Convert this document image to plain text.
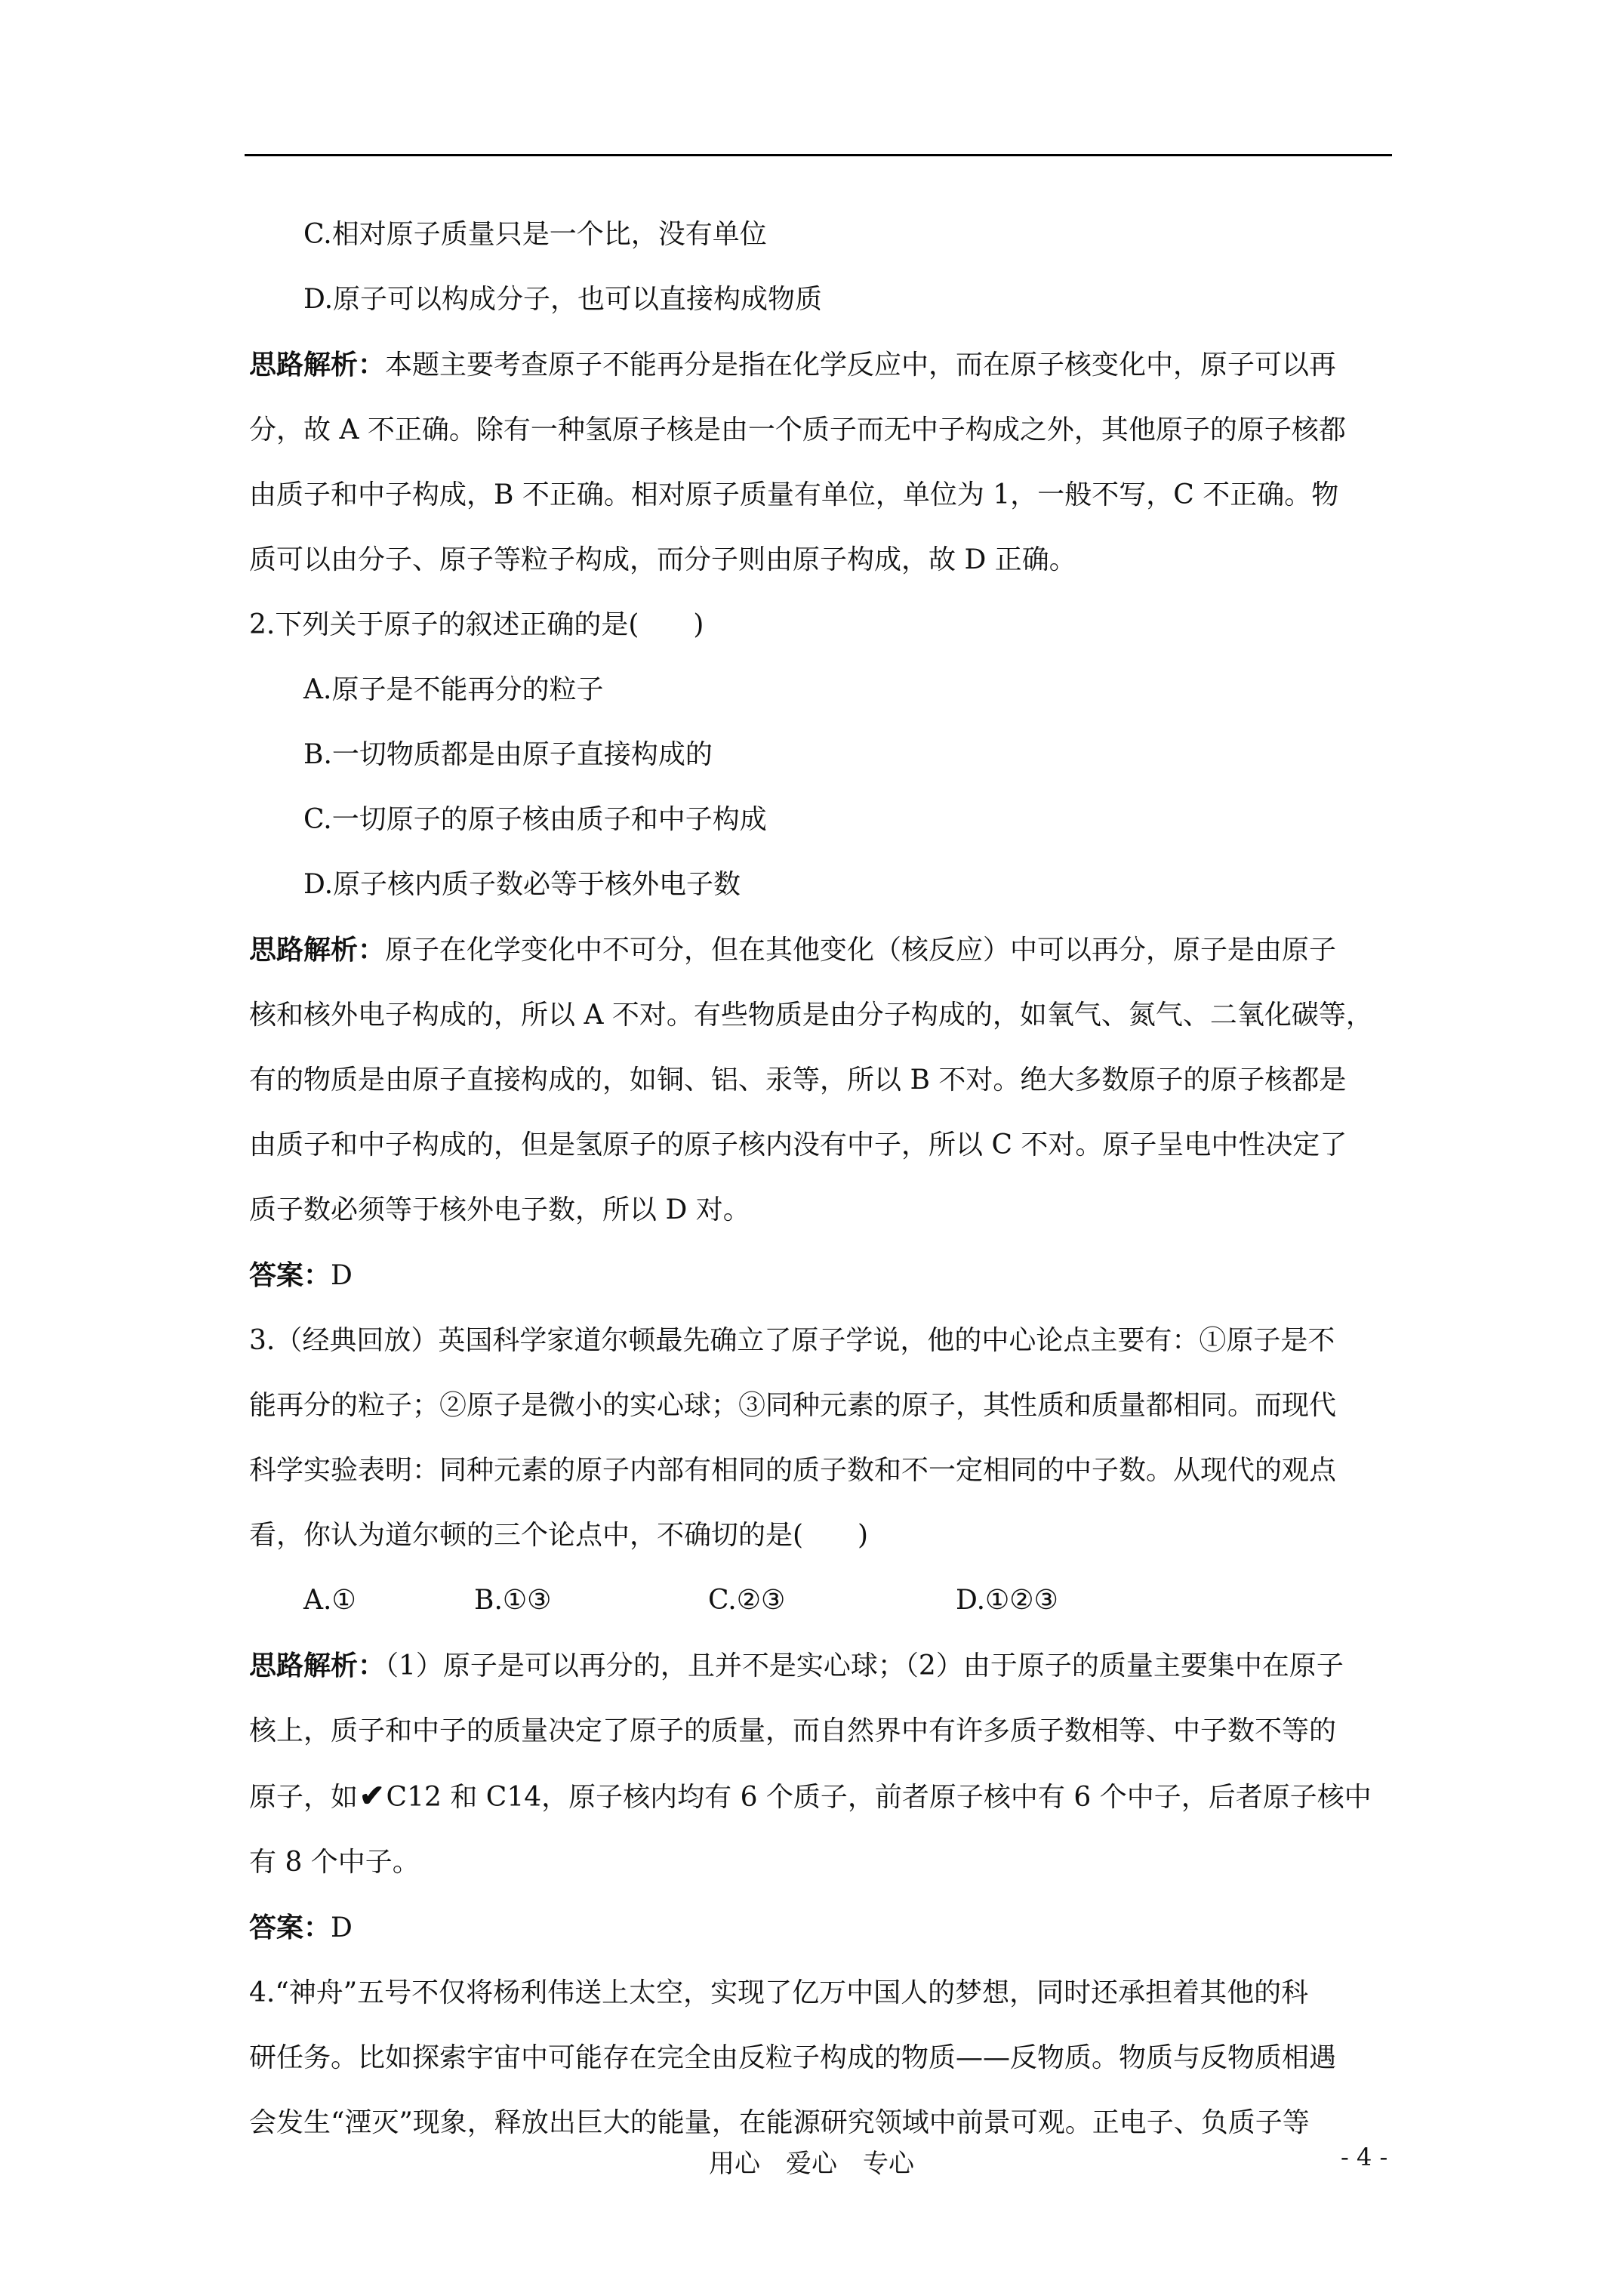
C.相对原子质量只是一个比，没有单位
D.原子可以构成分子，也可以直接构成物质
思路解析：本题主要考查原子不能再分是指在化学反应中，而在原子核变化中，原子可以再
分，故 A 不正确。除有一种氢原子核是由一个质子而无中子构成之外，其他原子的原子核都
由质子和中子构成，B 不正确。相对原子质量有单位，单位为 1，一般不写，C 不正确。物
质可以由分子、原子等粒子构成，而分子则由原子构成，故 D 正确。
2.下列关于原子的叙述正确的是(　　)
A.原子是不能再分的粒子
B.一切物质都是由原子直接构成的
C.一切原子的原子核由质子和中子构成
D.原子核内质子数必等于核外电子数
思路解析：原子在化学变化中不可分，但在其他变化（核反应）中可以再分，原子是由原子
核和核外电子构成的，所以 A 不对。有些物质是由分子构成的，如氧气、氮气、二氧化碳等，
有的物质是由原子直接构成的，如铜、铝、汞等，所以 B 不对。绝大多数原子的原子核都是
由质子和中子构成的，但是氢原子的原子核内没有中子，所以 C 不对。原子呈电中性决定了
质子数必须等于核外电子数，所以 D 对。
答案：D
3.（经典回放）英国科学家道尔顿最先确立了原子学说，他的中心论点主要有：①原子是不
能再分的粒子；②原子是微小的实心球；③同种元素的原子，其性质和质量都相同。而现代
科学实验表明：同种元素的原子内部有相同的质子数和不一定相同的中子数。从现代的观点
看，你认为道尔顿的三个论点中，不确切的是(　　)
A.①	B.①③	C.②③	D.①②③
思路解析：（1）原子是可以再分的，且并不是实心球；（2）由于原子的质量主要集中在原子
核上，质子和中子的质量决定了原子的质量，而自然界中有许多质子数相等、中子数不等的
原子，如✔C12 和 C14，原子核内均有 6 个质子，前者原子核中有 6 个中子，后者原子核中
有 8 个中子。
答案：D
4.“神舟”五号不仅将杨利伟送上太空，实现了亿万中国人的梦想，同时还承担着其他的科
研任务。比如探索宇宙中可能存在完全由反粒子构成的物质——反物质。物质与反物质相遇
会发生“湮灭”现象，释放出巨大的能量，在能源研究领域中前景可观。正电子、负质子等
用心　爱心　专心	- 4 -
